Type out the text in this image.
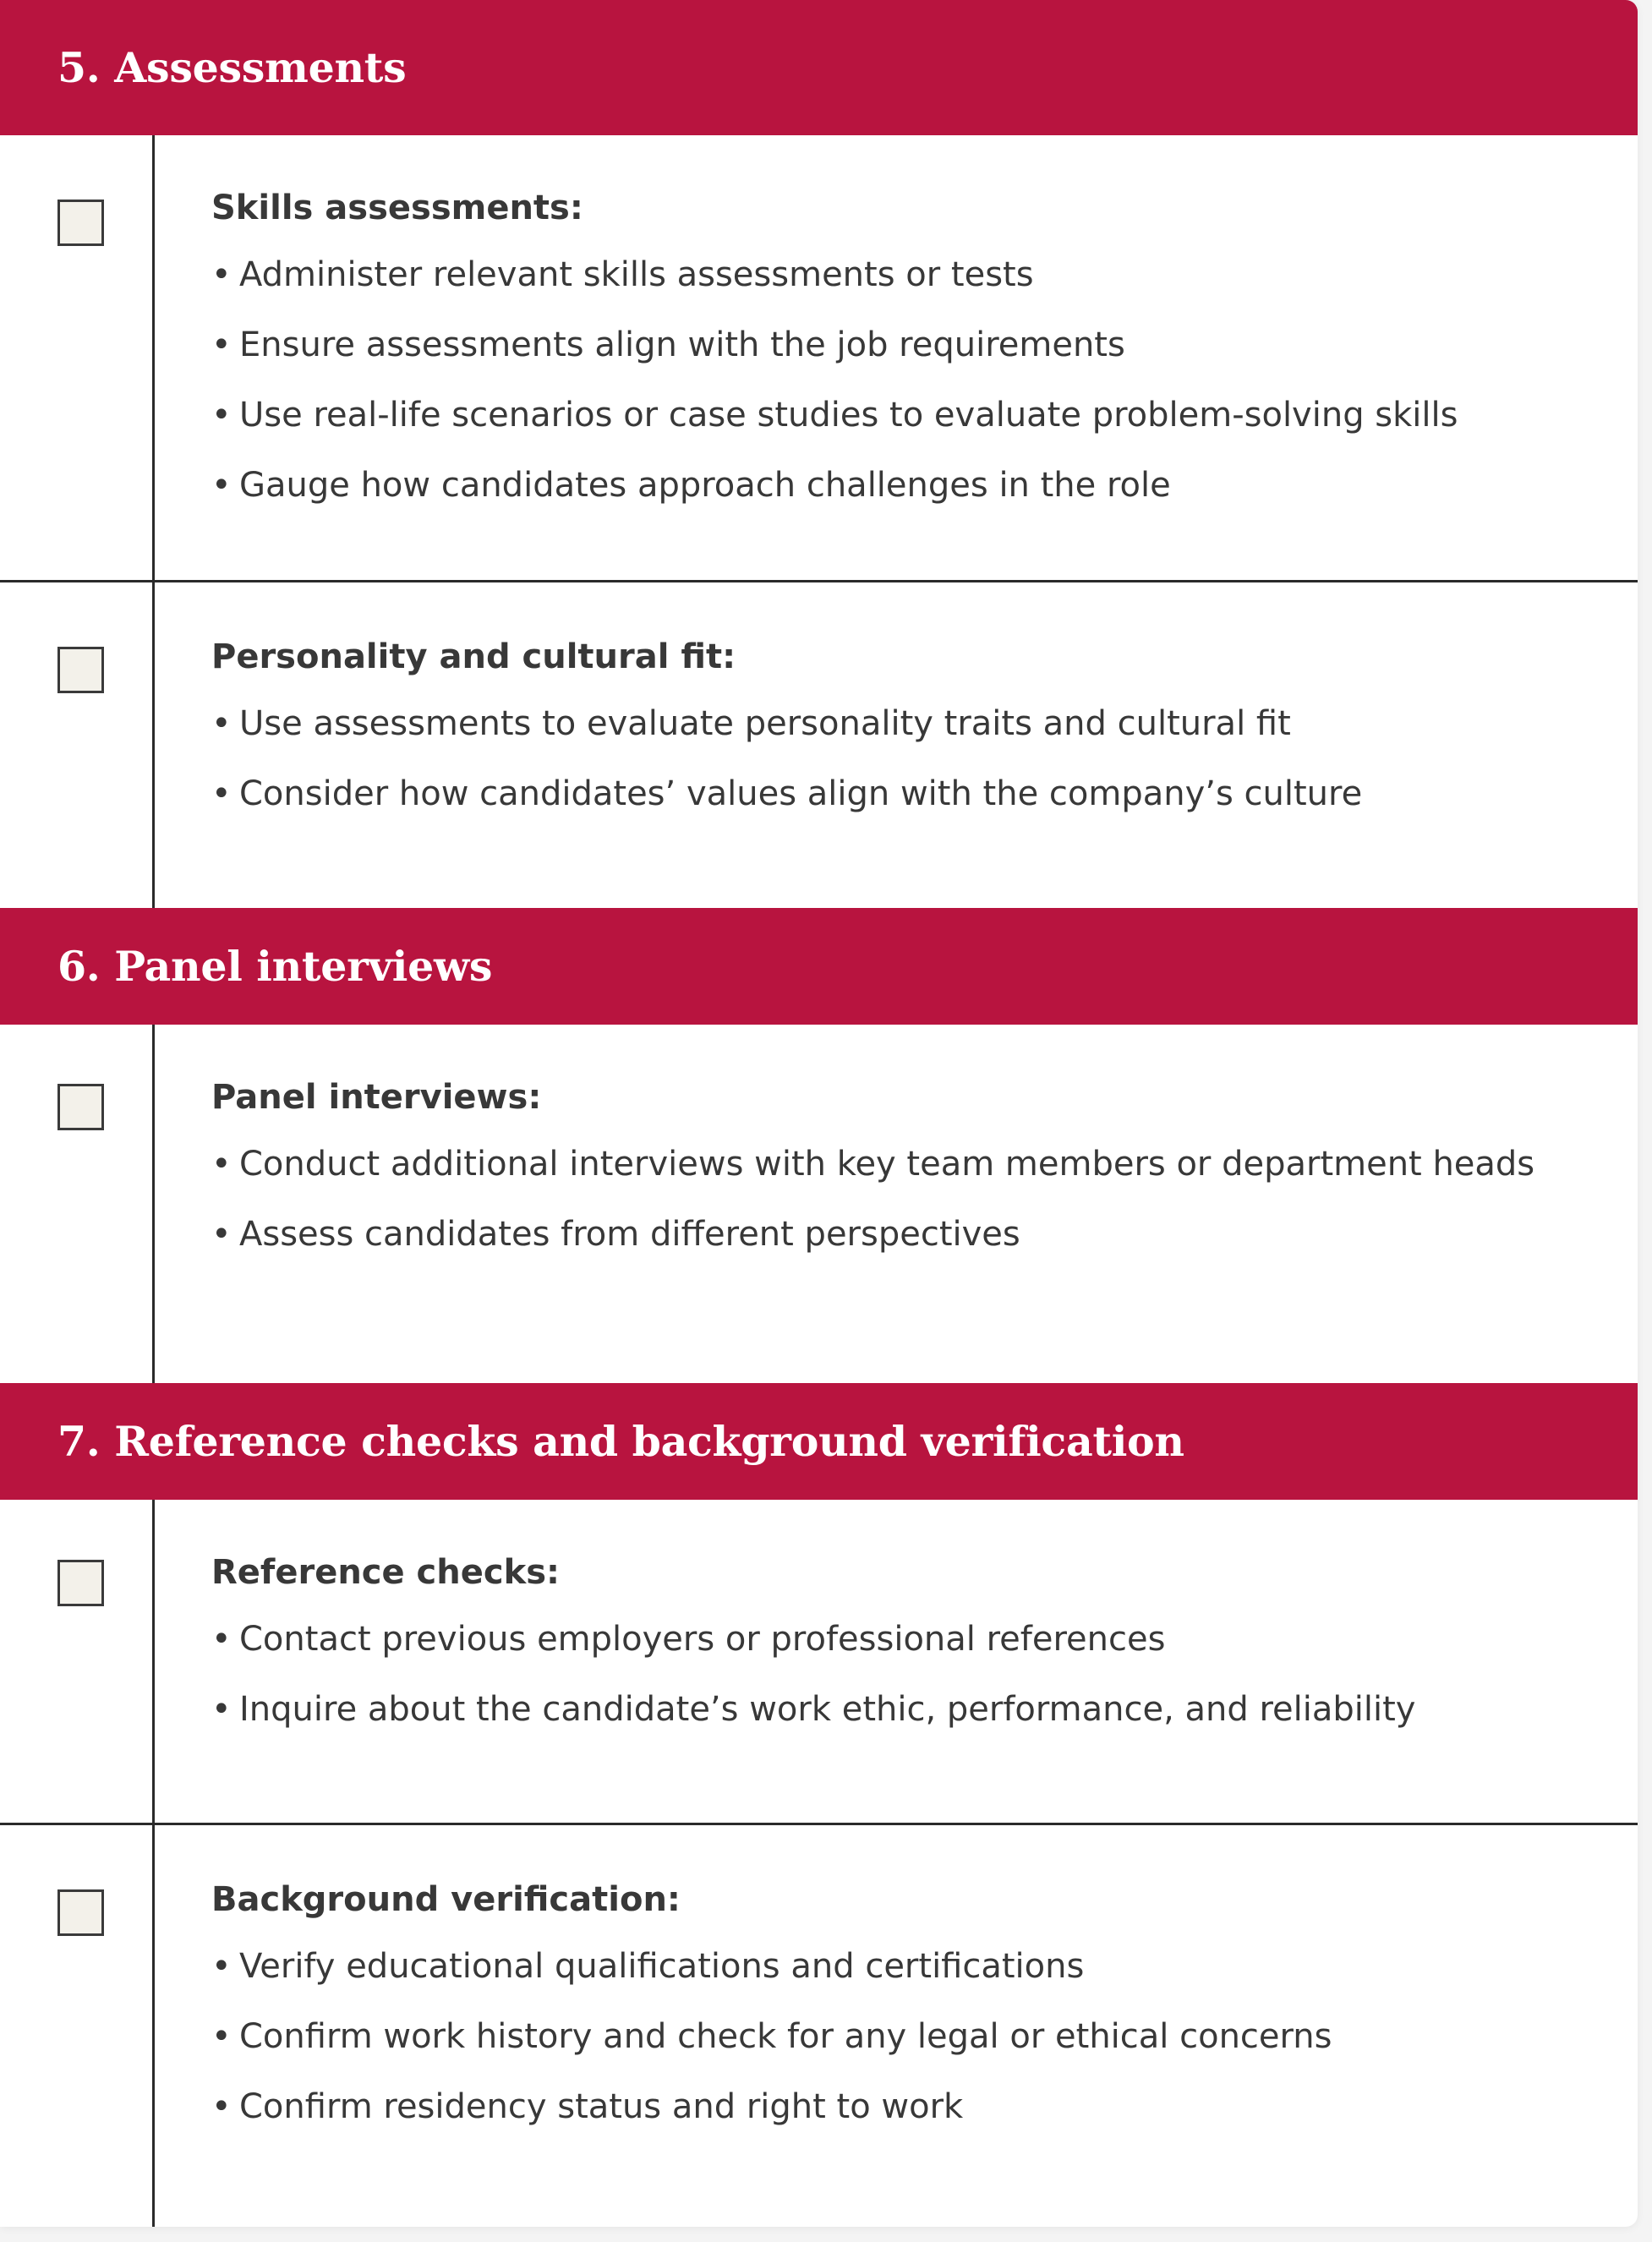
5. Assessments
Skills assessments:
• Administer relevant skills assessments or tests
• Ensure assessments align with the job requirements
• Use real-life scenarios or case studies to evaluate problem-solving skills
• Gauge how candidates approach challenges in the role
Personality and cultural fit:
• Use assessments to evaluate personality traits and cultural fit
• Consider how candidates’ values align with the company’s culture
6. Panel interviews
Panel interviews:
• Conduct additional interviews with key team members or department heads
• Assess candidates from different perspectives
7. Reference checks and background verification
Reference checks:
• Contact previous employers or professional references
• Inquire about the candidate’s work ethic, performance, and reliability
Background verification:
• Verify educational qualifications and certifications
• Confirm work history and check for any legal or ethical concerns
• Confirm residency status and right to work
